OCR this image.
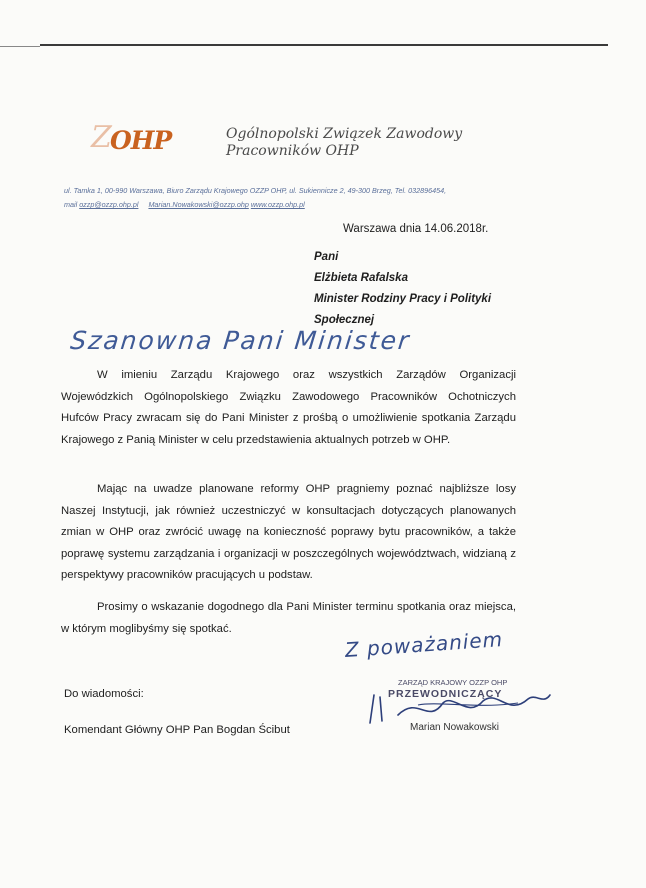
Z
OHP	Ogólnopolski Związek Zawodowy
Pracowników OHP
ul. Tamka 1, 00-990 Warszawa, Biuro Zarządu Krajowego OZZP OHP, ul. Sukiennicze 2, 49-300 Brzeg, Tel. 032896454,
mail ozzp@ozzp.ohp.pl Marian.Nowakowski@ozzp.ohp www.ozzp.ohp.pl
Warszawa dnia 14.06.2018r.
Pani
Elżbieta Rafalska
Minister Rodziny Pracy i Polityki
Społecznej
Szanowna Pani Minister
W imieniu Zarządu Krajowego oraz wszystkich Zarządów Organizacji Wojewódzkich Ogólnopolskiego Związku Zawodowego Pracowników Ochotniczych Hufców Pracy zwracam się do Pani Minister z prośbą o umożliwienie spotkania Zarządu Krajowego z Panią Minister w celu przedstawienia aktualnych potrzeb w OHP.
Mając na uwadze planowane reformy OHP pragniemy poznać najbliższe losy Naszej Instytucji, jak również uczestniczyć w konsultacjach dotyczących planowanych zmian w OHP oraz zwrócić uwagę na konieczność poprawy bytu pracowników, a także poprawę systemu zarządzania i organizacji w poszczególnych województwach, widzianą z perspektywy pracowników pracujących u podstaw.
Prosimy o wskazanie dogodnego dla Pani Minister terminu spotkania oraz miejsca, w którym moglibyśmy się spotkać.	Z poważaniem
ZARZĄD KRAJOWY OZZP OHP
PRZEWODNICZĄCY
Marian Nowakowski
Do wiadomości:
Komendant Główny OHP Pan Bogdan Ścibut
